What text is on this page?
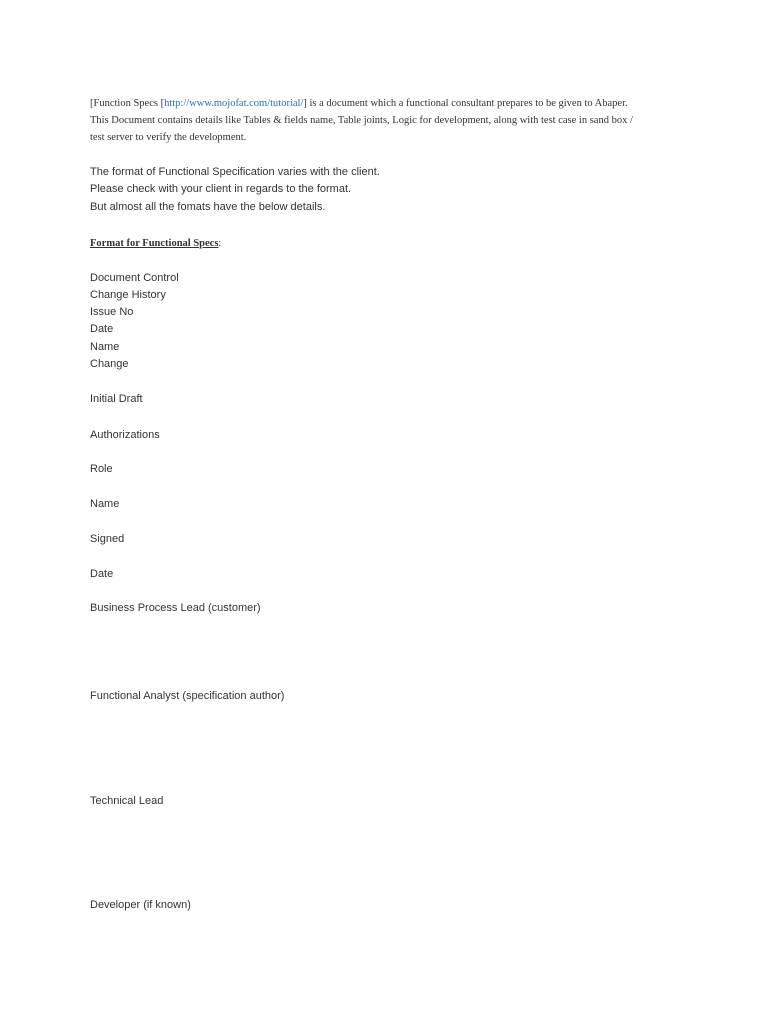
[Function Specs [http://www.mojofat.com/tutorial/] is a document which a functional consultant prepares to be given to Abaper.
This Document contains details like Tables & fields name, Table joints, Logic for development, along with test case in sand box /
test server to verify the development.
The format of Functional Specification varies with the client.
Please check with your client in regards to the format.
But almost all the fomats have the below details.
Format for Functional Specs:
Document Control
Change History
Issue No
Date
Name
Change
Initial Draft
Authorizations
Role
Name
Signed
Date
Business Process Lead (customer)
Functional Analyst (specification author)
Technical Lead
Developer (if known)
